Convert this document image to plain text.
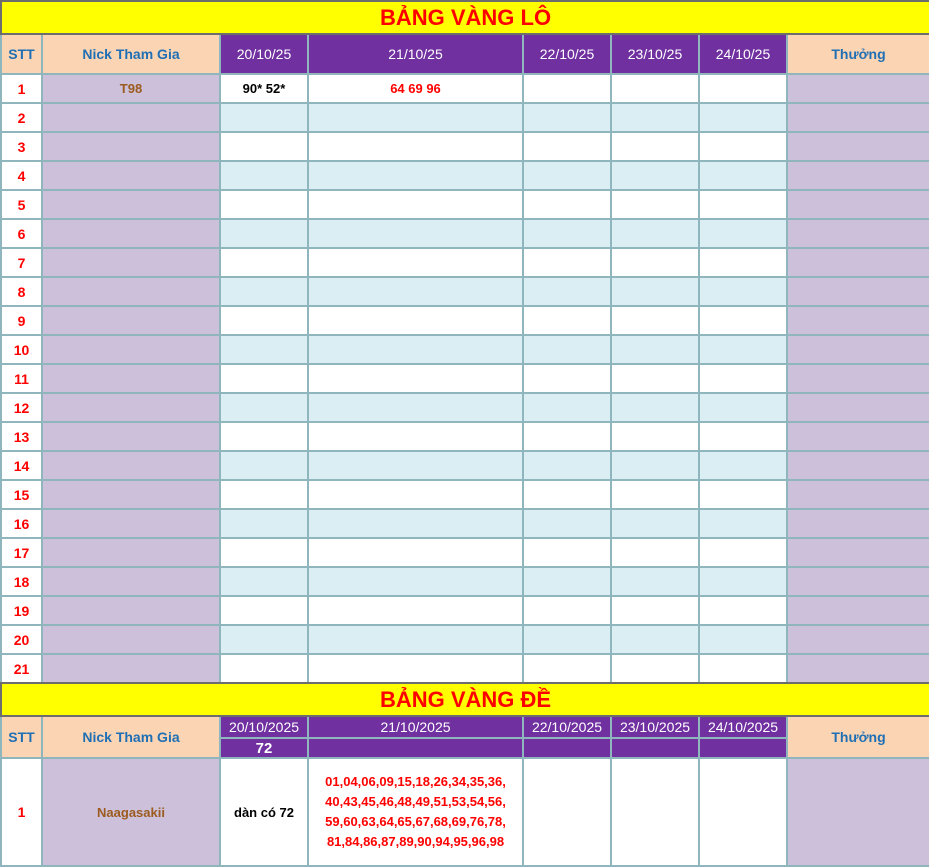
BẢNG VÀNG LÔ							
STT	Nick Tham Gia	20/10/25	21/10/25	22/10/25	23/10/25	24/10/25	Thưởng
1	T98	90* 52*	64 69 96				
2							
3							
4							
5							
6							
7							
8							
9							
10							
11							
12							
13							
14							
15							
16							
17							
18							
19							
20							
21							
BẢNG VÀNG ĐỀ							
STT	Nick Tham Gia	20/10/2025	21/10/2025	22/10/2025	23/10/2025	24/10/2025	Thưởng
		72					
1	Naagasakii	dàn có 72	01,04,06,09,15,18,26,34,35,36,
40,43,45,46,48,49,51,53,54,56,
59,60,63,64,65,67,68,69,76,78,
81,84,86,87,89,90,94,95,96,98				
